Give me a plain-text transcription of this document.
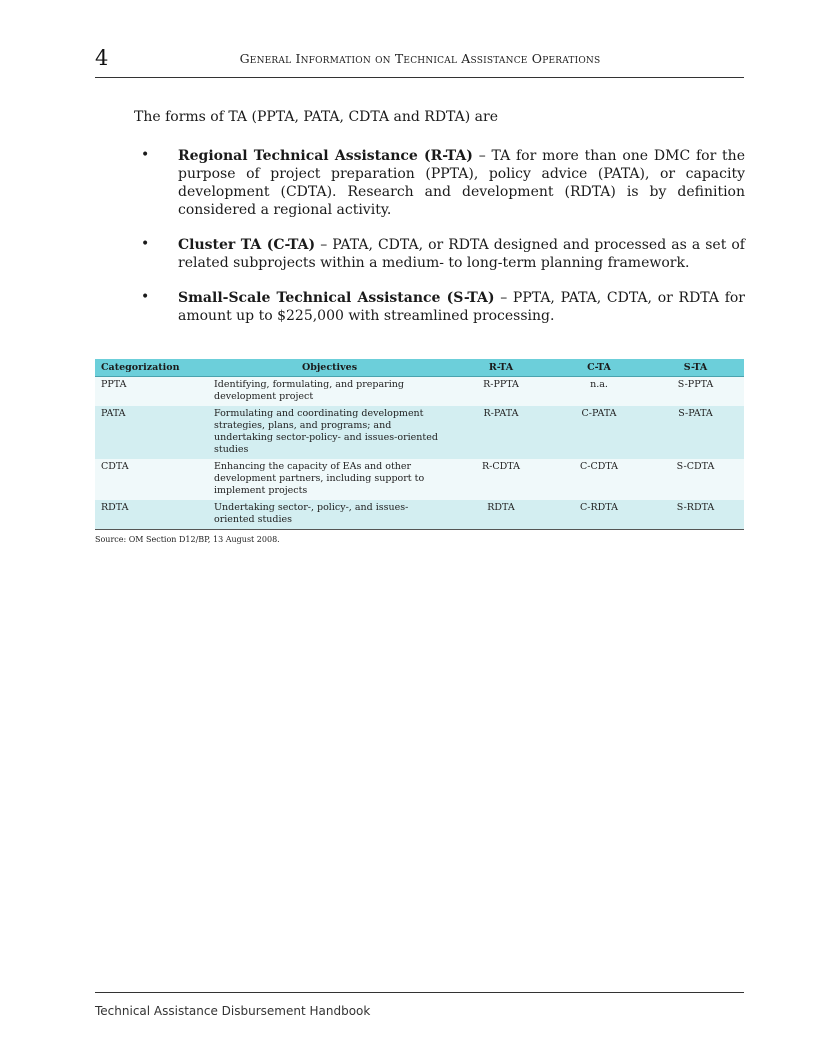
4	General Information on Technical Assistance Operations
The forms of TA (PPTA, PATA, CDTA and RDTA) are
• Regional Technical Assistance (R-TA) – TA for more than one DMC for the purpose of project preparation (PPTA), policy advice (PATA), or capacity development (CDTA). Research and development (RDTA) is by definition considered a regional activity.
• Cluster TA (C-TA) – PATA, CDTA, or RDTA designed and processed as a set of related subprojects within a medium- to long-term planning framework.
• Small-Scale Technical Assistance (S-TA) – PPTA, PATA, CDTA, or RDTA for amount up to $225,000 with streamlined processing.
Categorization	Objectives	R-TA	C-TA	S-TA
PPTA	Identifying, formulating, and preparing development project	R-PPTA	n.a.	S-PPTA
PATA	Formulating and coordinating development strategies, plans, and programs; and undertaking sector-policy- and issues-oriented studies	R-PATA	C-PATA	S-PATA
CDTA	Enhancing the capacity of EAs and other development partners, including support to implement projects	R-CDTA	C-CDTA	S-CDTA
RDTA	Undertaking sector-, policy-, and issues-oriented studies	RDTA	C-RDTA	S-RDTA
Source: OM Section D12/BP, 13 August 2008.
Technical Assistance Disbursement Handbook
